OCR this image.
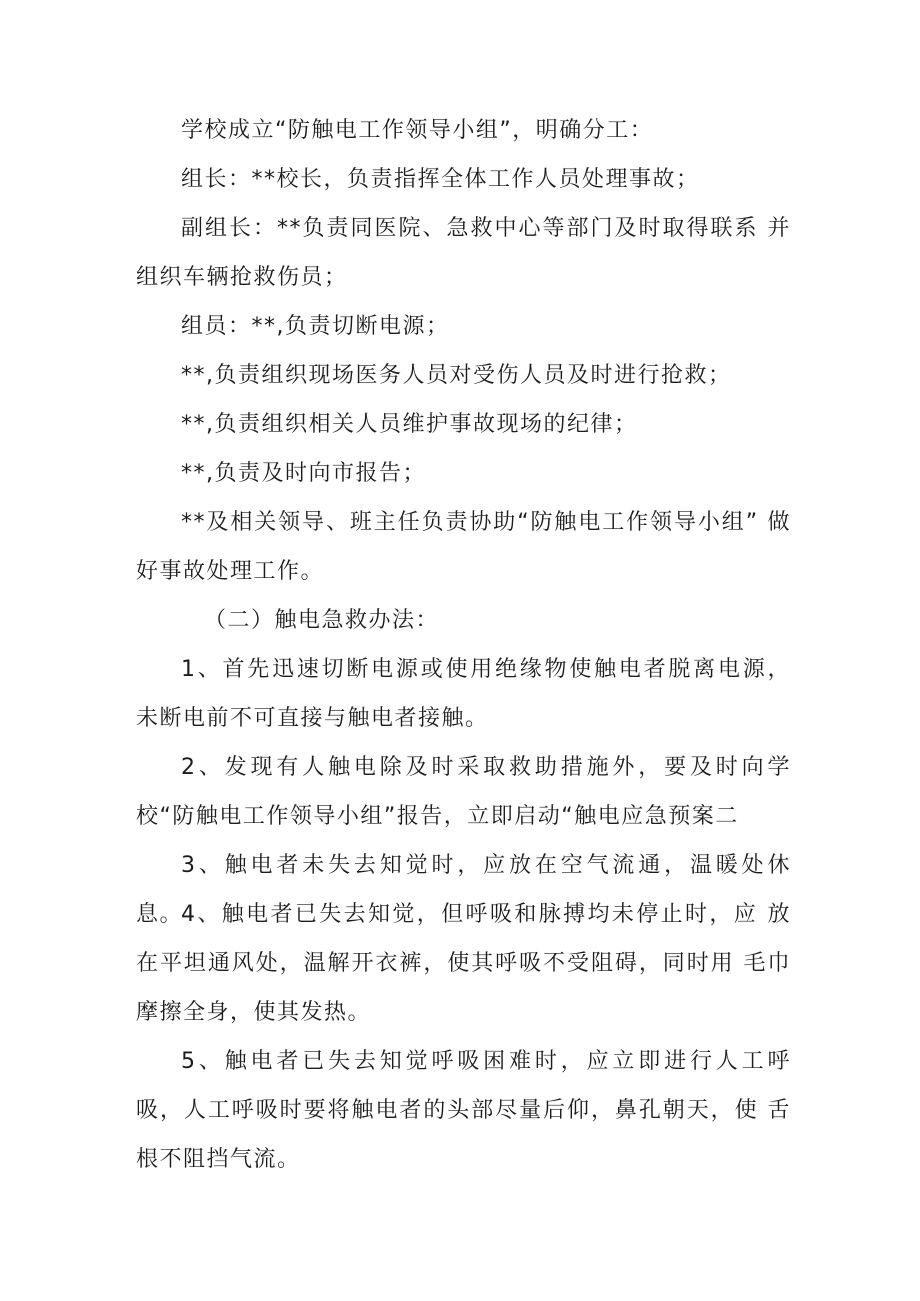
学校成立“防触电工作领导小组”，明确分工：

组长：**校长，负责指挥全体工作人员处理事故；

副组长：**负责同医院、急救中心等部门及时取得联系 并组织车辆抢救伤员；

组员：**,负责切断电源；

**,负责组织现场医务人员对受伤人员及时进行抢救；

**,负责组织相关人员维护事故现场的纪律；

**,负责及时向市报告；

**及相关领导、班主任负责协助“防触电工作领导小组” 做好事故处理工作。

（二）触电急救办法：

1、首先迅速切断电源或使用绝缘物使触电者脱离电源， 未断电前不可直接与触电者接触。

2、发现有人触电除及时采取救助措施外，要及时向学 校“防触电工作领导小组”报告，立即启动“触电应急预案二

3、触电者未失去知觉时，应放在空气流通，温暖处休 息。

4、触电者已失去知觉，但呼吸和脉搏均未停止时，应 放在平坦通风处，温解开衣裤，使其呼吸不受阻碍，同时用 毛巾摩擦全身，使其发热。

5、触电者已失去知觉呼吸困难时，应立即进行人工呼 吸，人工呼吸时要将触电者的头部尽量后仰，鼻孔朝天，使 舌根不阻挡气流。
